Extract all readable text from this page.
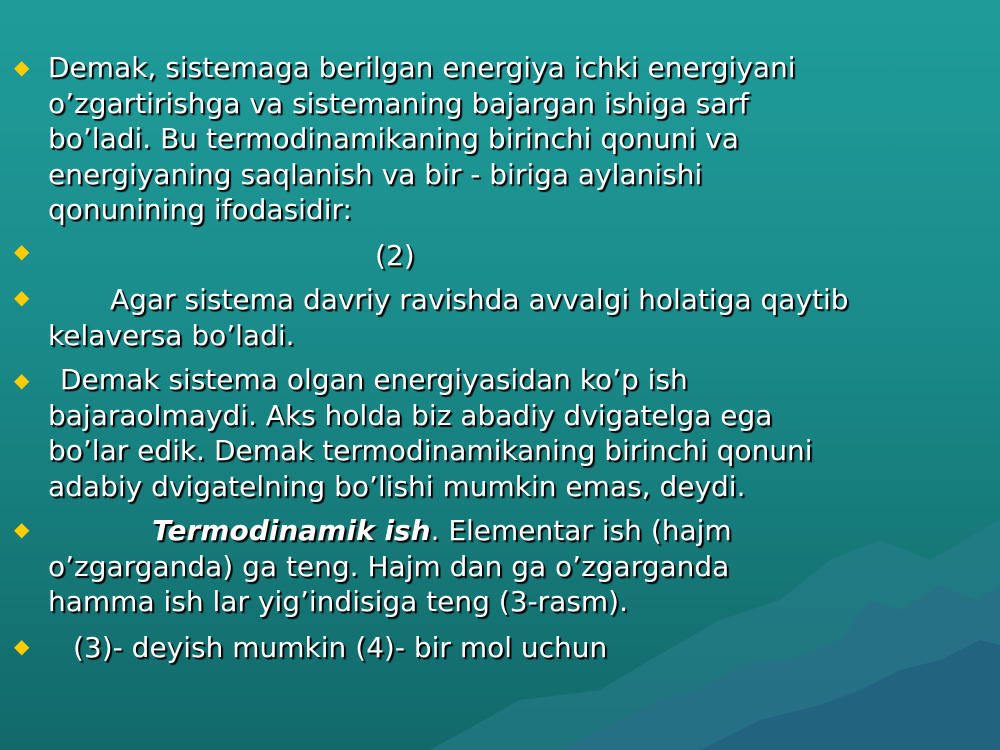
◆ Demak, sistemaga berilgan energiya ichki energiyani
o’zgartirishga va sistemaning bajargan ishiga sarf
bo’ladi. Bu termodinamikaning birinchi qonuni va
energiyaning saqlanish va bir - biriga aylanishi
qonunining ifodasidir:
◆	(2)
◆	Agar sistema davriy ravishda avvalgi holatiga qaytib
kelaversa bo’ladi.
◆	Demak sistema olgan energiyasidan ko’p ish
bajaraolmaydi. Aks holda biz abadiy dvigatelga ega
bo’lar edik. Demak termodinamikaning birinchi qonuni
adabiy dvigatelning bo’lishi mumkin emas, deydi.
◆	Termodinamik ish. Elementar ish (hajm
o’zgarganda) ga teng. Hajm dan ga o’zgarganda
hamma ish lar yig’indisiga teng (3-rasm).
◆	(3)- deyish mumkin (4)- bir mol uchun
